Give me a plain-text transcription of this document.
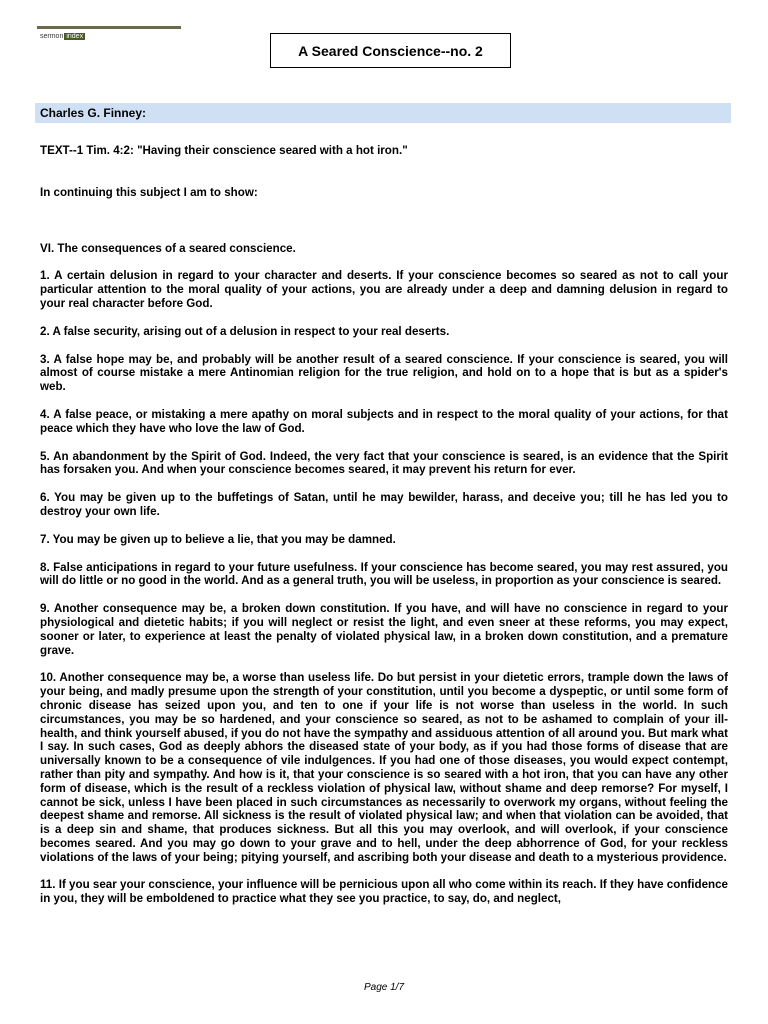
sermon index
A Seared Conscience--no. 2
Charles G. Finney:

TEXT--1 Tim. 4:2: "Having their conscience seared with a hot iron."

In continuing this subject I am to show:

VI. The consequences of a seared conscience.

1. A certain delusion in regard to your character and deserts. If your conscience becomes so seared as not to call your particular attention to the moral quality of your actions, you are already under a deep and damning delusion in regard to your real character before God.

2. A false security, arising out of a delusion in respect to your real deserts.

3. A false hope may be, and probably will be another result of a seared conscience. If your conscience is seared, you will almost of course mistake a mere Antinomian religion for the true religion, and hold on to a hope that is but as a spider's web.

4. A false peace, or mistaking a mere apathy on moral subjects and in respect to the moral quality of your actions, for that peace which they have who love the law of God.

5. An abandonment by the Spirit of God. Indeed, the very fact that your conscience is seared, is an evidence that the Spirit has forsaken you. And when your conscience becomes seared, it may prevent his return for ever.

6. You may be given up to the buffetings of Satan, until he may bewilder, harass, and deceive you; till he has led you to destroy your own life.

7. You may be given up to believe a lie, that you may be damned.

8. False anticipations in regard to your future usefulness. If your conscience has become seared, you may rest assured, you will do little or no good in the world. And as a general truth, you will be useless, in proportion as your conscience is seared.

9. Another consequence may be, a broken down constitution. If you have, and will have no conscience in regard to your physiological and dietetic habits; if you will neglect or resist the light, and even sneer at these reforms, you may expect, sooner or later, to experience at least the penalty of violated physical law, in a broken down constitution, and a premature grave.

10. Another consequence may be, a worse than useless life. Do but persist in your dietetic errors, trample down the laws of your being, and madly presume upon the strength of your constitution, until you become a dyspeptic, or until some form of chronic disease has seized upon you, and ten to one if your life is not worse than useless in the world. In such circumstances, you may be so hardened, and your conscience so seared, as not to be ashamed to complain of your ill-health, and think yourself abused, if you do not have the sympathy and assiduous attention of all around you. But mark what I say. In such cases, God as deeply abhors the diseased state of your body, as if you had those forms of disease that are universally known to be a consequence of vile indulgences. If you had one of those diseases, you would expect contempt, rather than pity and sympathy. And how is it, that your conscience is so seared with a hot iron, that you can have any other form of disease, which is the result of a reckless violation of physical law, without shame and deep remorse? For myself, I cannot be sick, unless I have been placed in such circumstances as necessarily to overwork my organs, without feeling the deepest shame and remorse. All sickness is the result of violated physical law; and when that violation can be avoided, that is a deep sin and shame, that produces sickness. But all this you may overlook, and will overlook, if your conscience becomes seared. And you may go down to your grave and to hell, under the deep abhorrence of God, for your reckless violations of the laws of your being; pitying yourself, and ascribing both your disease and death to a mysterious providence.

11. If you sear your conscience, your influence will be pernicious upon all who come within its reach. If they have confidence in you, they will be emboldened to practice what they see you practice, to say, do, and neglect,

Page 1/7
